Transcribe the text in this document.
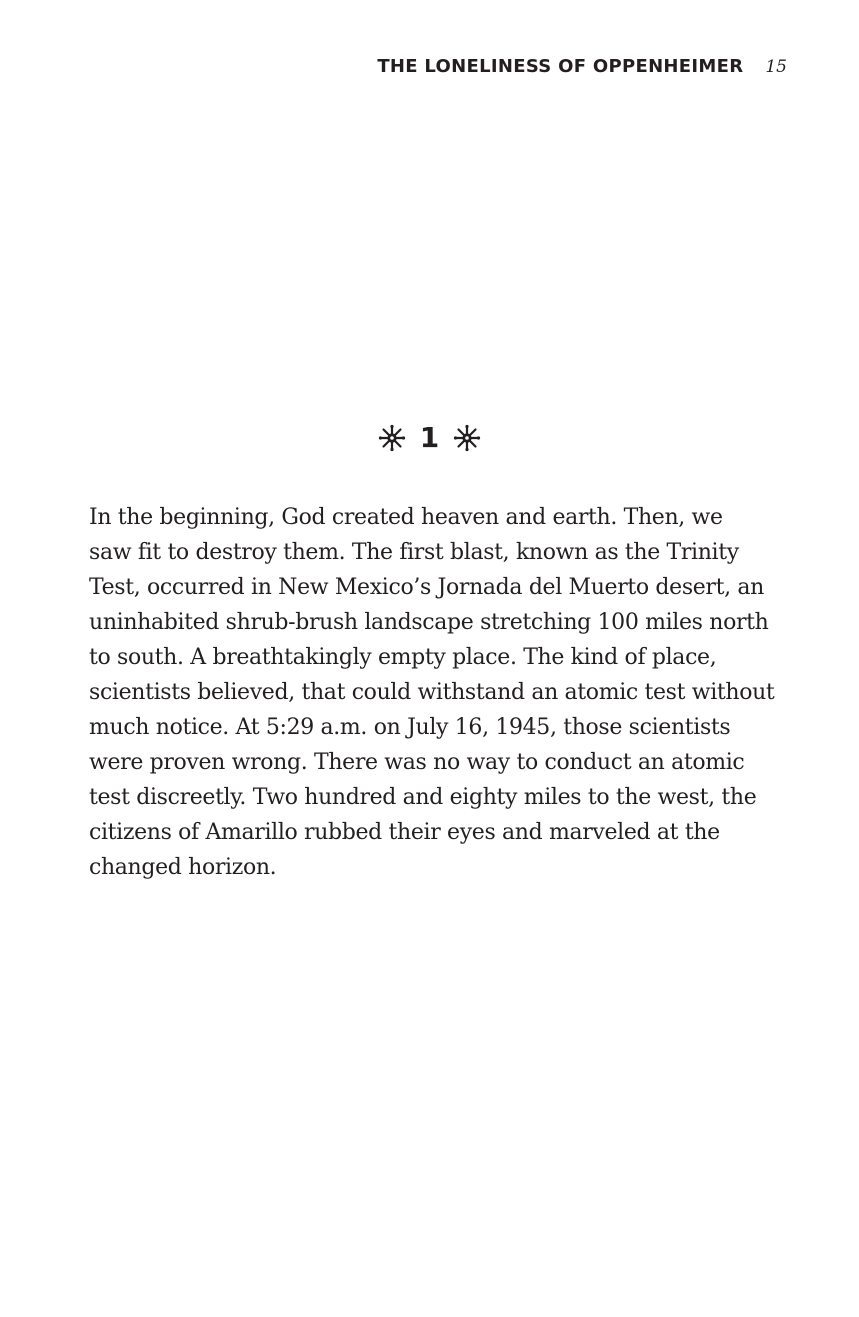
THE LONELINESS OF OPPENHEIMER 15
1

In the beginning, God created heaven and earth. Then, we
saw fit to destroy them. The first blast, known as the Trinity
Test, occurred in New Mexico’s Jornada del Muerto desert, an
uninhabited shrub-brush landscape stretching 100 miles north
to south. A breathtakingly empty place. The kind of place,
scientists believed, that could withstand an atomic test without
much notice. At 5:29 a.m. on July 16, 1945, those scientists
were proven wrong. There was no way to conduct an atomic
test discreetly. Two hundred and eighty miles to the west, the
citizens of Amarillo rubbed their eyes and marveled at the
changed horizon.
